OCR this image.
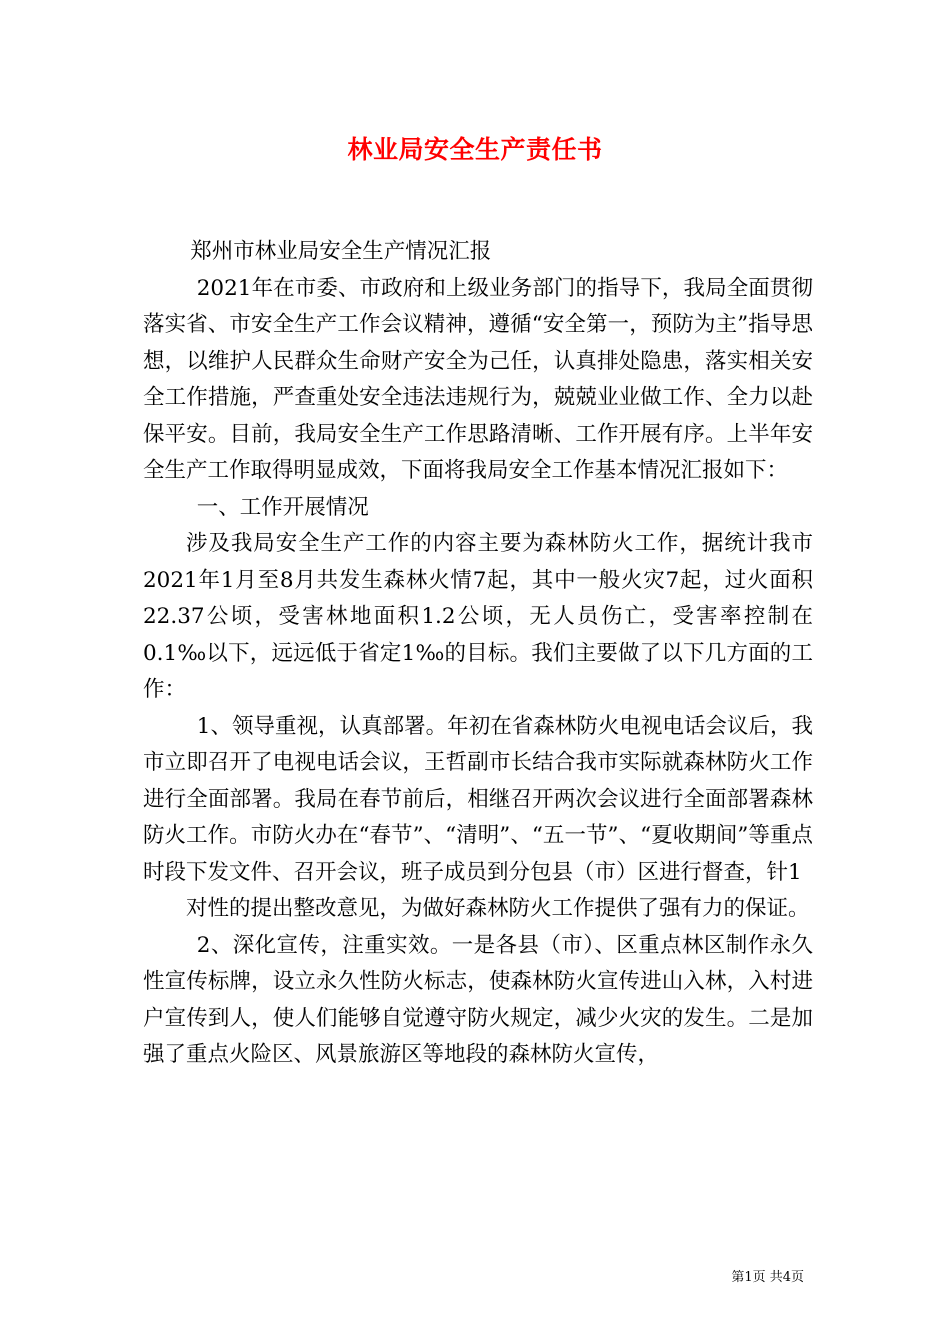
林业局安全生产责任书

郑州市林业局安全生产情况汇报

2021年在市委、市政府和上级业务部门的指导下，我局全面贯彻落实省、市安全生产工作会议精神，遵循“安全第一，预防为主”指导思想，以维护人民群众生命财产安全为己任，认真排处隐患，落实相关安全工作措施，严查重处安全违法违规行为，兢兢业业做工作、全力以赴保平安。目前，我局安全生产工作思路清晰、工作开展有序。上半年安全生产工作取得明显成效，下面将我局安全工作基本情况汇报如下：

一、工作开展情况

涉及我局安全生产工作的内容主要为森林防火工作，据统计我市2021年1月至8月共发生森林火情7起，其中一般火灾7起，过火面积22.37公顷，受害林地面积1.2公顷，无人员伤亡，受害率控制在0.1‰以下，远远低于省定1‰的目标。我们主要做了以下几方面的工作：

1、领导重视，认真部署。年初在省森林防火电视电话会议后，我市立即召开了电视电话会议，王哲副市长结合我市实际就森林防火工作进行全面部署。我局在春节前后，相继召开两次会议进行全面部署森林防火工作。市防火办在“春节”、“清明”、“五一节”、“夏收期间”等重点时段下发文件、召开会议，班子成员到分包县（市）区进行督查，针1

对性的提出整改意见，为做好森林防火工作提供了强有力的保证。

2、深化宣传，注重实效。一是各县（市）、区重点林区制作永久性宣传标牌，设立永久性防火标志，使森林防火宣传进山入林，入村进户宣传到人，使人们能够自觉遵守防火规定，减少火灾的发生。二是加强了重点火险区、风景旅游区等地段的森林防火宣传，

第1页 共4页
